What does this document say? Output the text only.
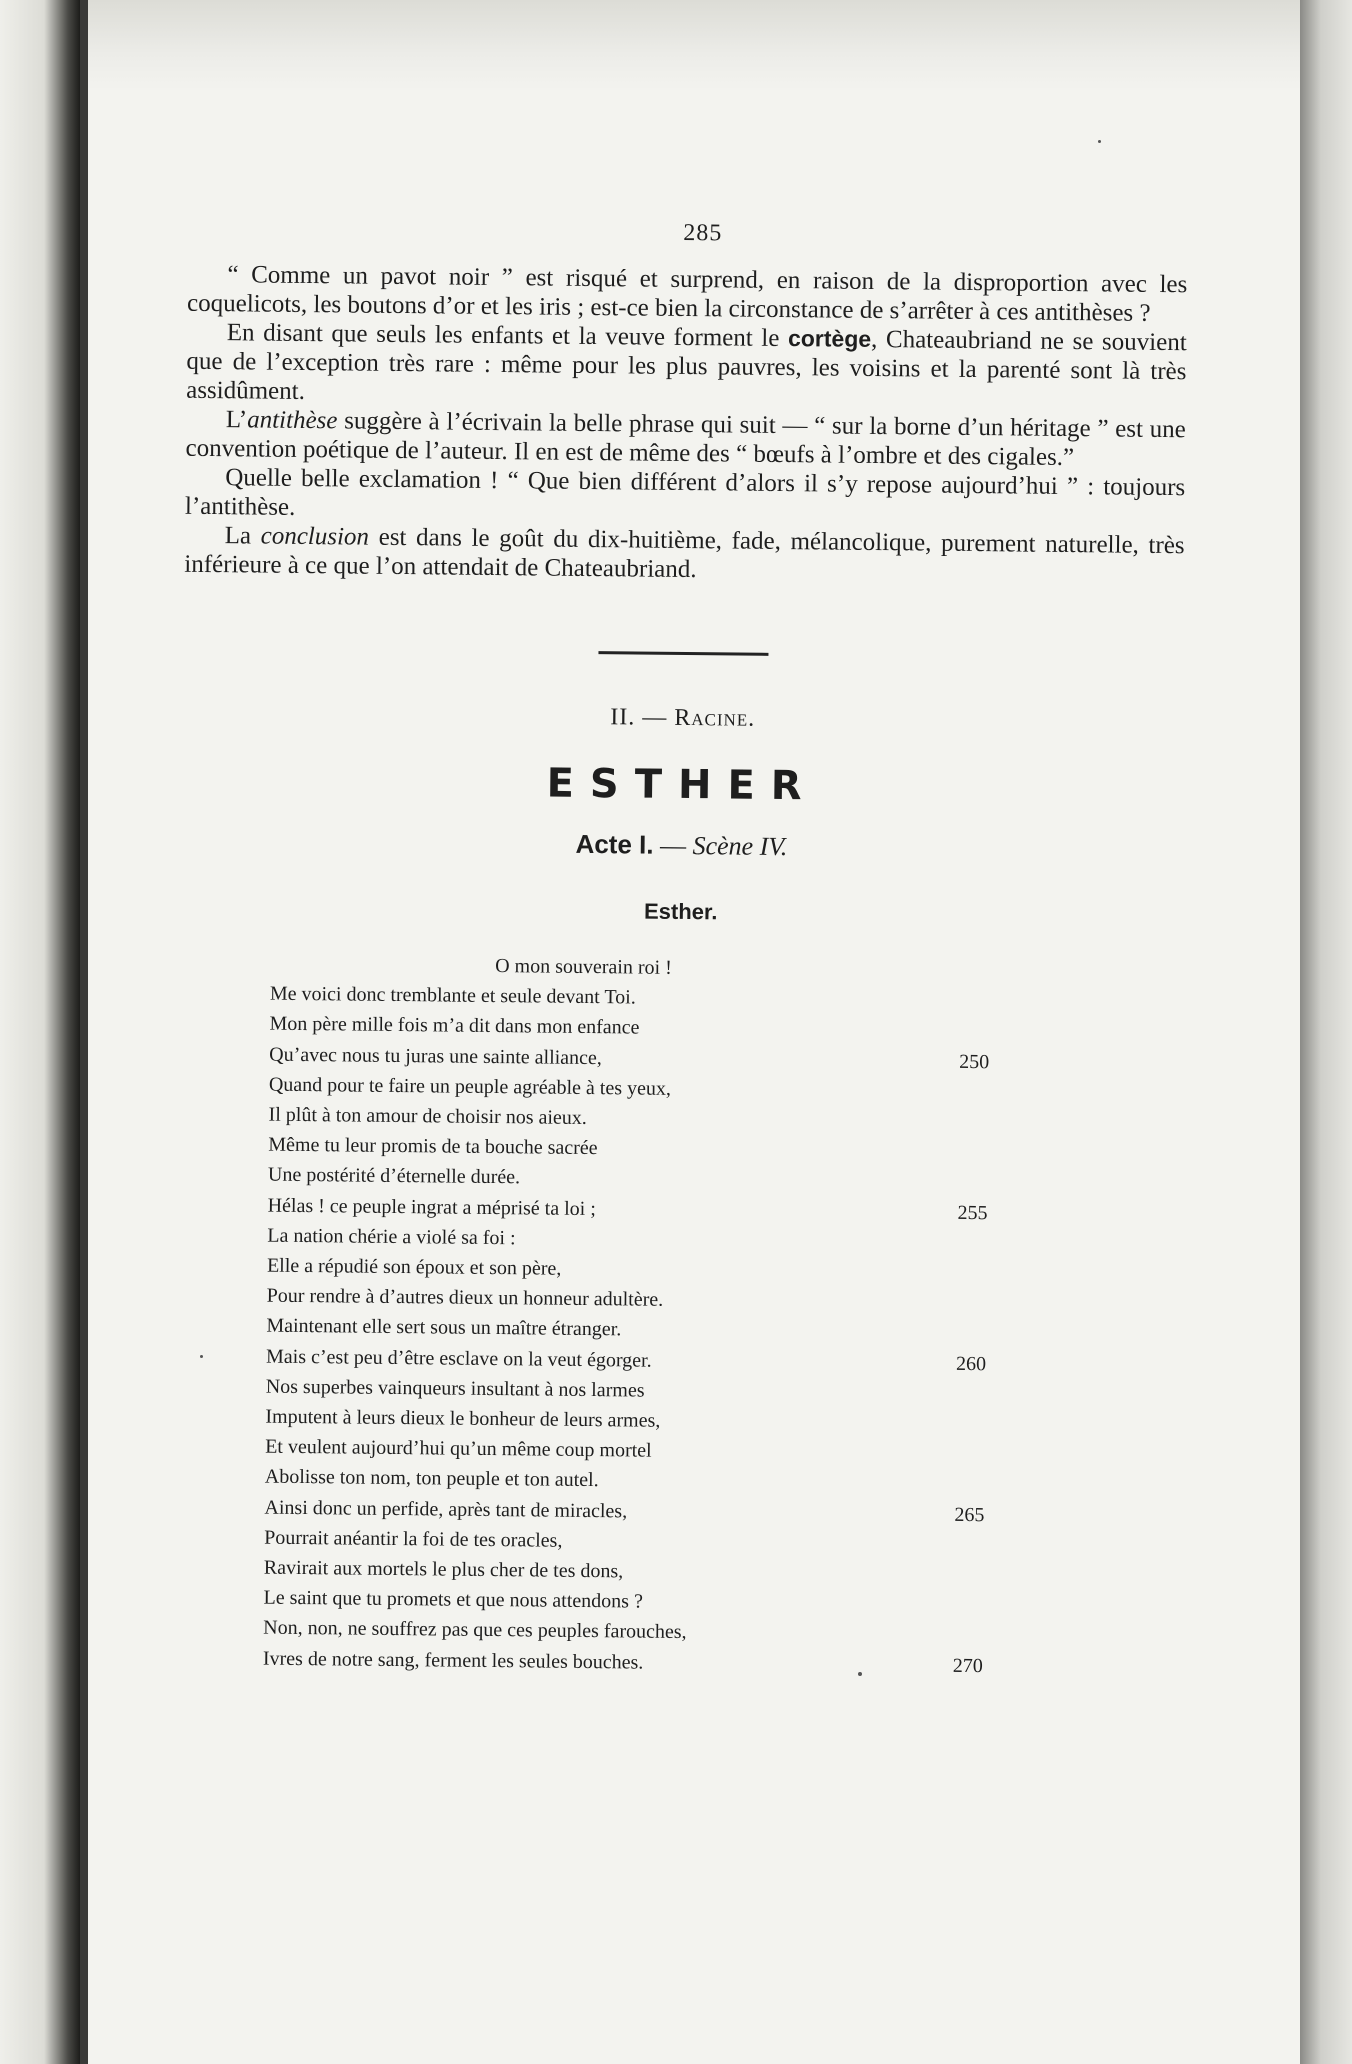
285

“ Comme un pavot noir ” est risqué et surprend, en raison de la disproportion avec les coquelicots, les boutons d’or et les iris ; est-ce bien la circonstance de s’arrêter à ces antithèses ?

En disant que seuls les enfants et la veuve forment le cortège, Chateaubriand ne se souvient que de l’exception très rare : même pour les plus pauvres, les voisins et la parenté sont là très assidûment.

L’antithèse suggère à l’écrivain la belle phrase qui suit — “ sur la borne d’un héritage ” est une convention poétique de l’auteur. Il en est de même des “ bœufs à l’ombre et des cigales.”

Quelle belle exclamation ! “ Que bien différent d’alors il s’y repose aujourd’hui ” : toujours l’antithèse.

La conclusion est dans le goût du dix-huitième, fade, mélancolique, purement naturelle, très inférieure à ce que l’on attendait de Chateaubriand.

II. — Racine.
ESTHER
Acte I. — Scène IV.
Esther.
O mon souverain roi !
Me voici donc tremblante et seule devant Toi.
Mon père mille fois m’a dit dans mon enfance
Qu’avec nous tu juras une sainte alliance,	250
Quand pour te faire un peuple agréable à tes yeux,
Il plût à ton amour de choisir nos aieux.
Même tu leur promis de ta bouche sacrée
Une postérité d’éternelle durée.
Hélas ! ce peuple ingrat a méprisé ta loi ;	255
La nation chérie a violé sa foi :
Elle a répudié son époux et son père,
Pour rendre à d’autres dieux un honneur adultère.
Maintenant elle sert sous un maître étranger.
Mais c’est peu d’être esclave on la veut égorger.	260
Nos superbes vainqueurs insultant à nos larmes
Imputent à leurs dieux le bonheur de leurs armes,
Et veulent aujourd’hui qu’un même coup mortel
Abolisse ton nom, ton peuple et ton autel.
Ainsi donc un perfide, après tant de miracles,	265
Pourrait anéantir la foi de tes oracles,
Ravirait aux mortels le plus cher de tes dons,
Le saint que tu promets et que nous attendons ?
Non, non, ne souffrez pas que ces peuples farouches,
Ivres de notre sang, ferment les seules bouches.	270
